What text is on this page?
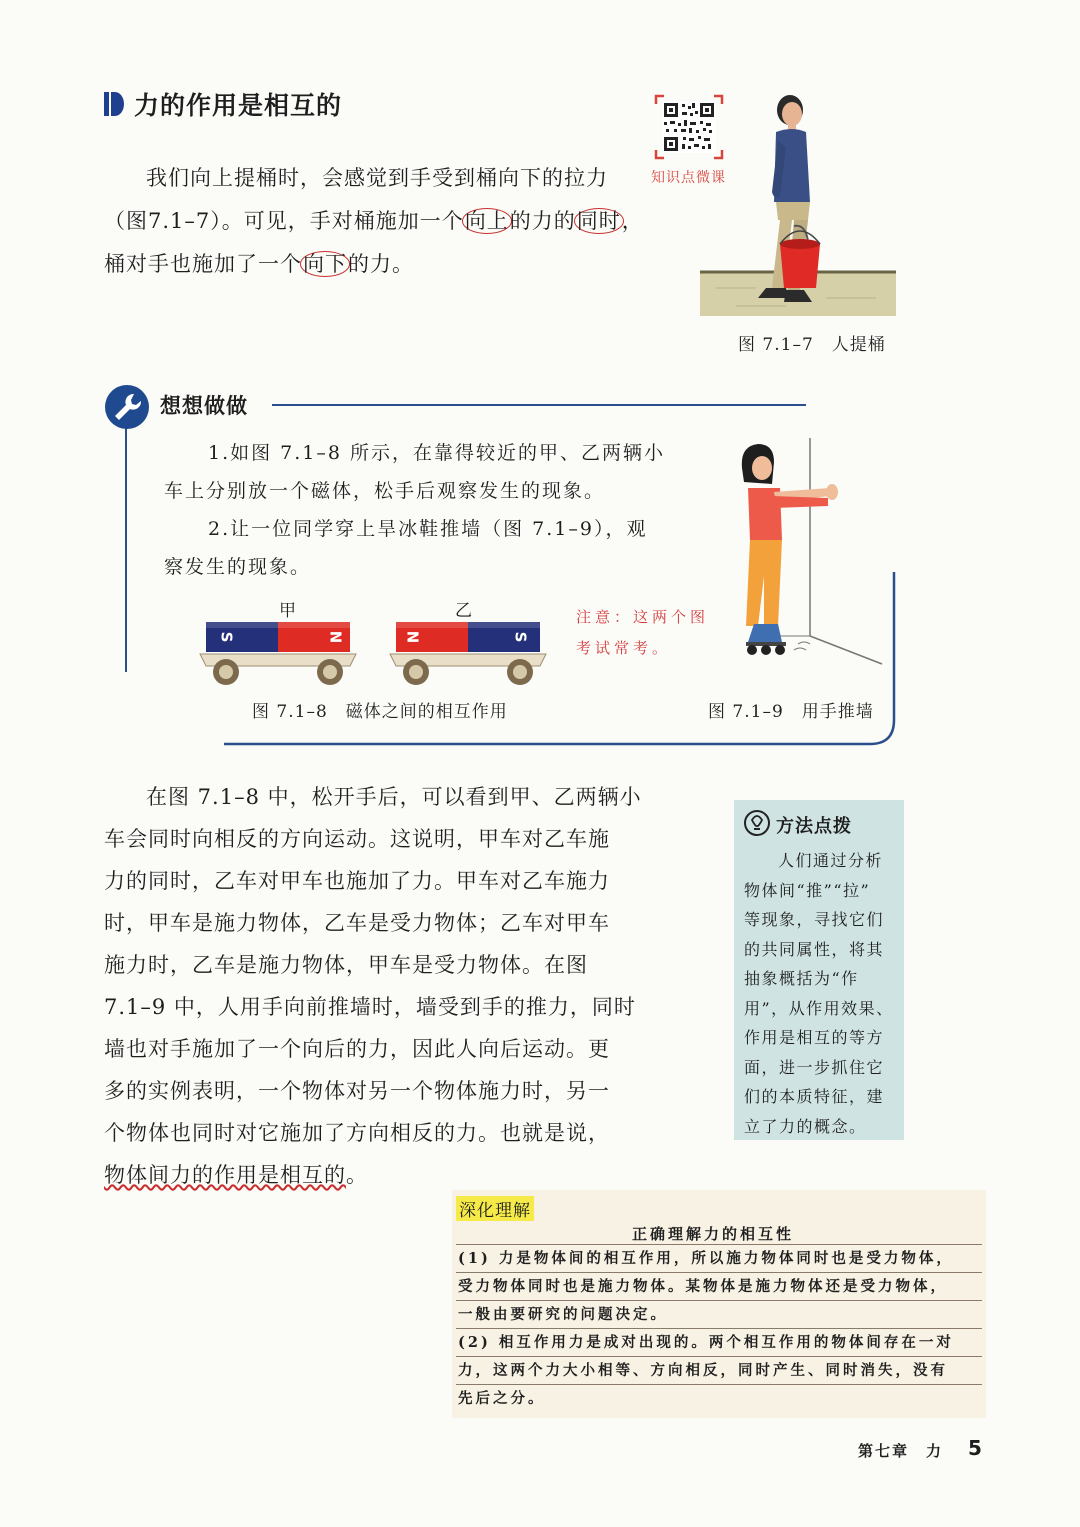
力的作用是相互的
我们向上提桶时，会感觉到手受到桶向下的拉力
（图7.1–7）。可见，手对桶施加一个向上的力的同时，
桶对手也施加了一个向下的力。
知识点微课
图 7.1–7　人提桶
想想做做
1.如图 7.1–8 所示，在靠得较近的甲、乙两辆小
车上分别放一个磁体，松手后观察发生的现象。
2.让一位同学穿上旱冰鞋推墙（图 7.1–9），观
察发生的现象。
甲	乙
S	N	N	S
注意：这两个图
考试常考。
图 7.1–8　磁体之间的相互作用	图 7.1–9　用手推墙
在图 7.1–8 中，松开手后，可以看到甲、乙两辆小
车会同时向相反的方向运动。这说明，甲车对乙车施
力的同时，乙车对甲车也施加了力。甲车对乙车施力
时，甲车是施力物体，乙车是受力物体；乙车对甲车
施力时，乙车是施力物体，甲车是受力物体。在图
7.1–9 中，人用手向前推墙时，墙受到手的推力，同时
墙也对手施加了一个向后的力，因此人向后运动。更
多的实例表明，一个物体对另一个物体施力时，另一
个物体也同时对它施加了方向相反的力。也就是说，
物体间力的作用是相互的。
方法点拨
人们通过分析
物体间“推”“拉”
等现象，寻找它们
的共同属性，将其
抽象概括为“作
用”，从作用效果、
作用是相互的等方
面，进一步抓住它
们的本质特征，建
立了力的概念。
深化理解
正确理解力的相互性
(1) 力是物体间的相互作用，所以施力物体同时也是受力物体，
受力物体同时也是施力物体。某物体是施力物体还是受力物体，
一般由要研究的问题决定。
(2) 相互作用力是成对出现的。两个相互作用的物体间存在一对
力，这两个力大小相等、方向相反，同时产生、同时消失，没有
先后之分。
第七章　力 5
